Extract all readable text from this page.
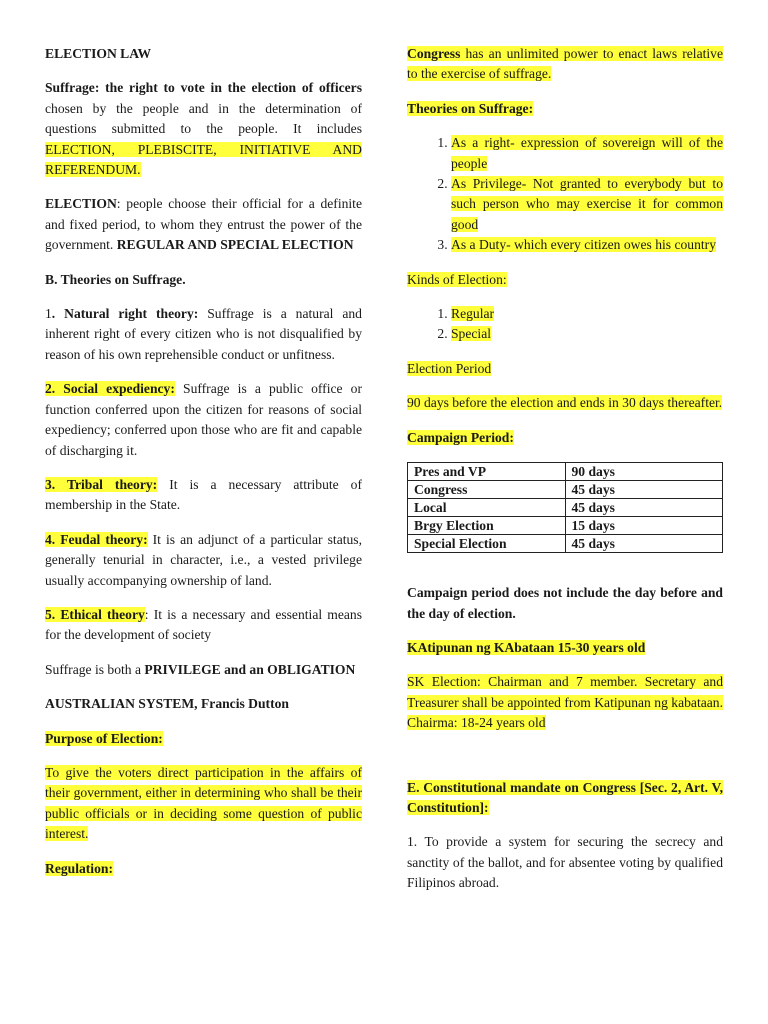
ELECTION LAW

Suffrage: the right to vote in the election of officers chosen by the people and in the determination of questions submitted to the people. It includes ELECTION, PLEBISCITE, INITIATIVE AND REFERENDUM.

ELECTION: people choose their official for a definite and fixed period, to whom they entrust the power of the government. REGULAR AND SPECIAL ELECTION

B. Theories on Suffrage.

1. Natural right theory: Suffrage is a natural and inherent right of every citizen who is not disqualified by reason of his own reprehensible conduct or unfitness.

2. Social expediency: Suffrage is a public office or function conferred upon the citizen for reasons of social expediency; conferred upon those who are fit and capable of discharging it.

3. Tribal theory: It is a necessary attribute of membership in the State.

4. Feudal theory: It is an adjunct of a particular status, generally tenurial in character, i.e., a vested privilege usually accompanying ownership of land.

5. Ethical theory: It is a necessary and essential means for the development of society

Suffrage is both a PRIVILEGE and an OBLIGATION

AUSTRALIAN SYSTEM, Francis Dutton

Purpose of Election:

To give the voters direct participation in the affairs of their government, either in determining who shall be their public officials or in deciding some question of public interest.

Regulation:

Congress has an unlimited power to enact laws relative to the exercise of suffrage.

Theories on Suffrage:

1. As a right- expression of sovereign will of the people
2. As Privilege- Not granted to everybody but to such person who may exercise it for common good
3. As a Duty- which every citizen owes his country

Kinds of Election:

1. Regular
2. Special

Election Period

90 days before the election and ends in 30 days thereafter.

Campaign Period:

Pres and VP	90 days
Congress	45 days
Local	45 days
Brgy Election	15 days
Special Election	45 days

Campaign period does not include the day before and the day of election.

KAtipunan ng KAbataan 15-30 years old

SK Election: Chairman and 7 member. Secretary and Treasurer shall be appointed from Katipunan ng kabataan. Chairma: 18-24 years old

E. Constitutional mandate on Congress [Sec. 2, Art. V, Constitution]:

1. To provide a system for securing the secrecy and sanctity of the ballot, and for absentee voting by qualified Filipinos abroad.
